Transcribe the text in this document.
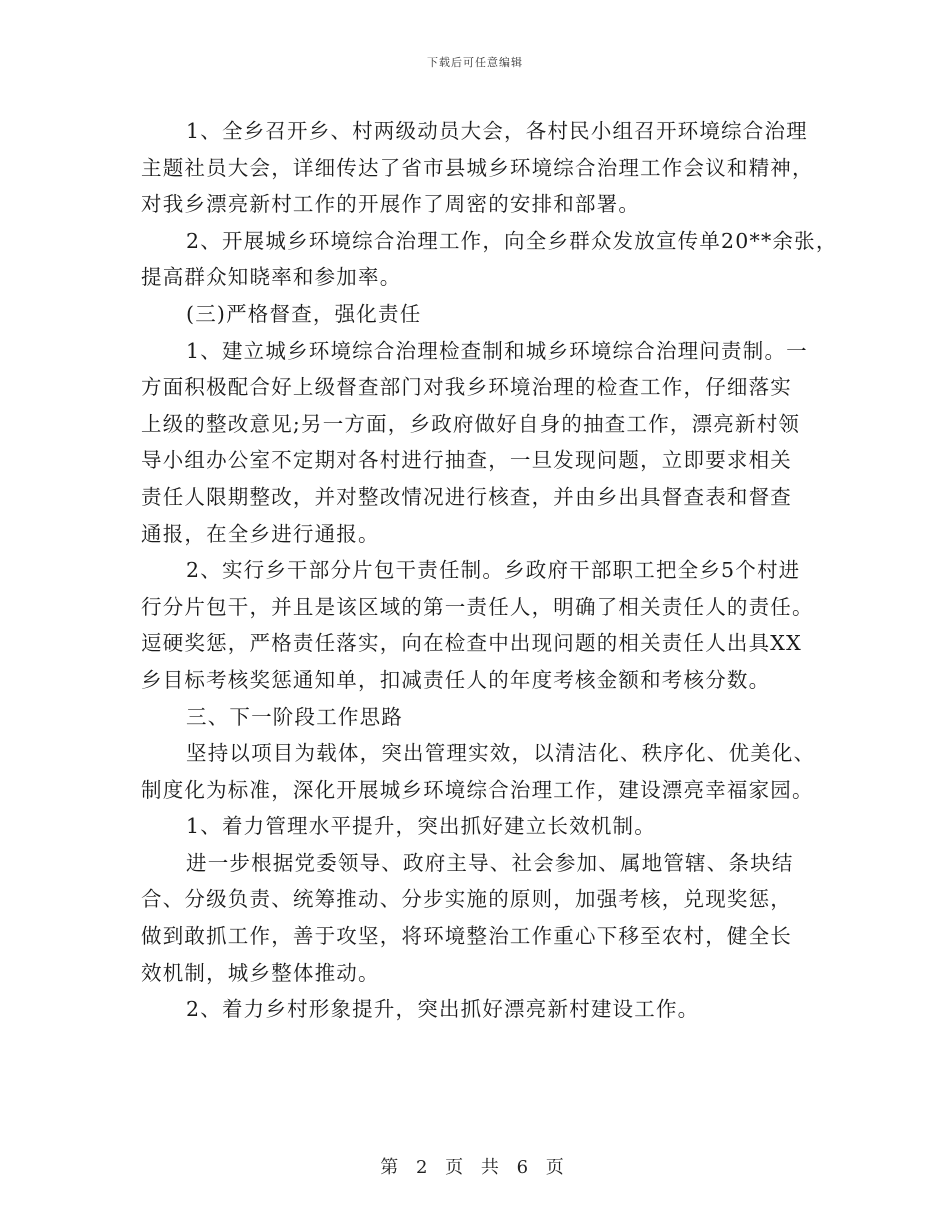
下载后可任意编辑
1、全乡召开乡、村两级动员大会，各村民小组召开环境综合治理
主题社员大会，详细传达了省市县城乡环境综合治理工作会议和精神，
对我乡漂亮新村工作的开展作了周密的安排和部署。
2、开展城乡环境综合治理工作，向全乡群众发放宣传单20**余张，
提高群众知晓率和参加率。
(三)严格督查，强化责任
1、建立城乡环境综合治理检查制和城乡环境综合治理问责制。一
方面积极配合好上级督查部门对我乡环境治理的检查工作，仔细落实
上级的整改意见;另一方面，乡政府做好自身的抽查工作，漂亮新村领
导小组办公室不定期对各村进行抽查，一旦发现问题，立即要求相关
责任人限期整改，并对整改情况进行核查，并由乡出具督查表和督查
通报，在全乡进行通报。
2、实行乡干部分片包干责任制。乡政府干部职工把全乡5个村进
行分片包干，并且是该区域的第一责任人，明确了相关责任人的责任。
逗硬奖惩，严格责任落实，向在检查中出现问题的相关责任人出具XX
乡目标考核奖惩通知单，扣减责任人的年度考核金额和考核分数。
三、下一阶段工作思路
坚持以项目为载体，突出管理实效，以清洁化、秩序化、优美化、
制度化为标准，深化开展城乡环境综合治理工作，建设漂亮幸福家园。
1、着力管理水平提升，突出抓好建立长效机制。
进一步根据党委领导、政府主导、社会参加、属地管辖、条块结
合、分级负责、统筹推动、分步实施的原则，加强考核，兑现奖惩，
做到敢抓工作，善于攻坚，将环境整治工作重心下移至农村，健全长
效机制，城乡整体推动。
2、着力乡村形象提升，突出抓好漂亮新村建设工作。
第 2 页 共 6 页
